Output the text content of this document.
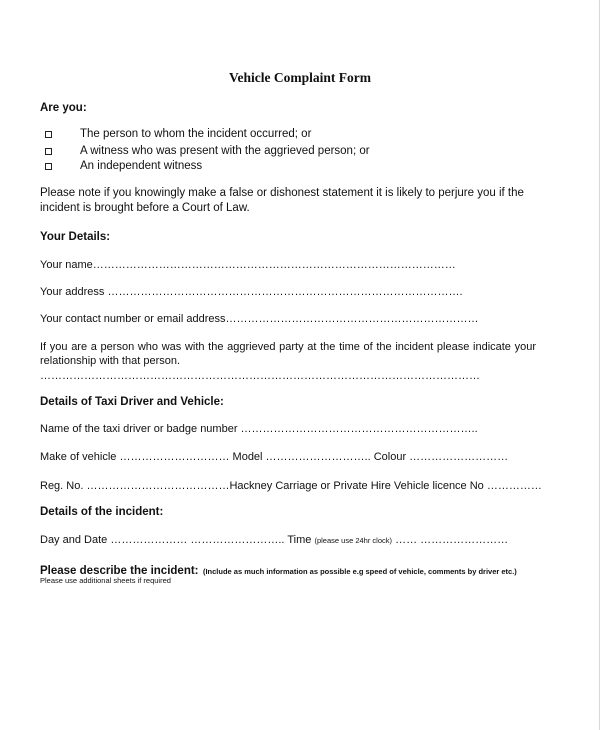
Vehicle Complaint Form
Are you:
The person to whom the incident occurred; or
A witness who was present with the aggrieved person; or
An independent witness
Please note if you knowingly make a false or dishonest statement it is likely to perjure you if the
incident is brought before a Court of Law.
Your Details:
Your name………………………………………………………………………………………
Your address …………………………………………………………………………………….
Your contact number or email address……………………………………………………………
If you are a person who was with the aggrieved party at the time of the incident please indicate your
relationship with that person.
…………………………………………………………………………………………………………
Details of Taxi Driver and Vehicle:
Name of the taxi driver or badge number ………………………………………………………..
Make of vehicle ………………………… Model ……………………….. Colour ………………………
Reg. No. …………………………………Hackney Carriage or Private Hire Vehicle licence No ……………
Details of the incident:
Day and Date ………………… …………………….. Time (please use 24hr clock) …… ……………………
Please describe the incident: (Include as much information as possible e.g speed of vehicle, comments by driver etc.)
Please use additional sheets if required
